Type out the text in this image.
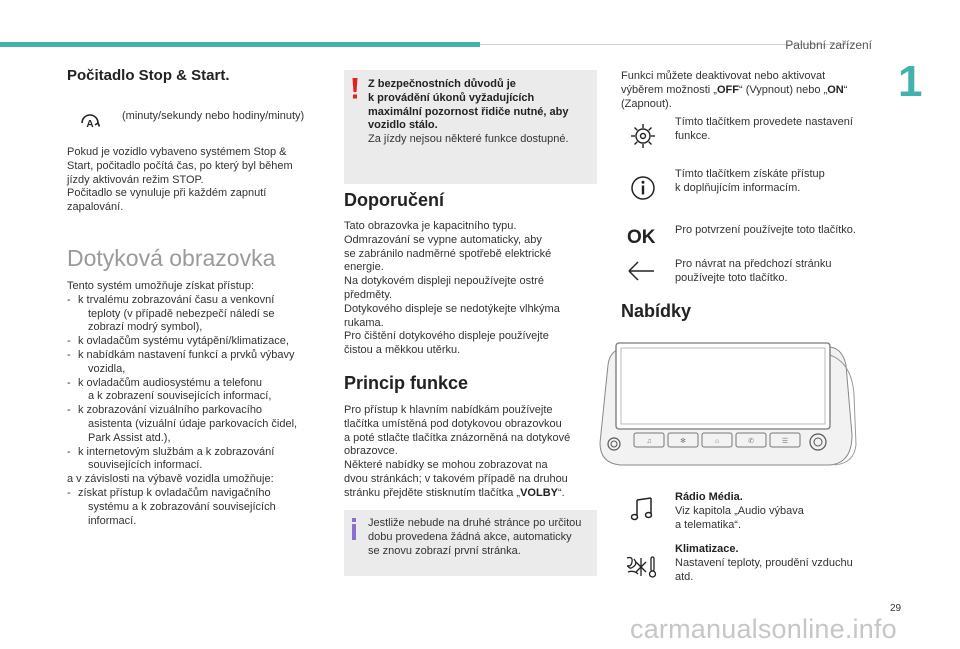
Palubní zařízení
1
29
carmanualsonline.info
Počitadlo Stop & Start.
A
(minuty/sekundy nebo hodiny/minuty)
Pokud je vozidlo vybaveno systémem Stop &
Start, počitadlo počítá čas, po který byl během
jízdy aktivován režim STOP.
Počitadlo se vynuluje při každém zapnutí
zapalování.
Dotyková obrazovka
Tento systém umožňuje získat přístup:
- k trvalému zobrazování času a venkovní
teploty (v případě nebezpečí náledí se
zobrazí modrý symbol),
- k ovladačům systému vytápění/klimatizace,
- k nabídkám nastavení funkcí a prvků výbavy
vozidla,
- k ovladačům audiosystému a telefonu
a k zobrazení souvisejících informací,
- k zobrazování vizuálního parkovacího
asistenta (vizuální údaje parkovacích čidel,
Park Assist atd.),
- k internetovým službám a k zobrazování
souvisejících informací.
a v závislosti na výbavě vozidla umožňuje:
- získat přístup k ovladačům navigačního
systému a k zobrazování souvisejících
informací.
Z bezpečnostních důvodů je
k provádění úkonů vyžadujících
maximální pozornost řidiče nutné, aby
vozidlo stálo.
Za jízdy nejsou některé funkce dostupné.
Doporučení
Tato obrazovka je kapacitního typu.
Odmrazování se vypne automaticky, aby
se zabránilo nadměrné spotřebě elektrické
energie.
Na dotykovém displeji nepoužívejte ostré
předměty.
Dotykového displeje se nedotýkejte vlhkýma
rukama.
Pro čištění dotykového displeje používejte
čistou a měkkou utěrku.
Princip funkce
Pro přístup k hlavním nabídkám používejte
tlačítka umístěná pod dotykovou obrazovkou
a poté stlačte tlačítka znázorněná na dotykové
obrazovce.
Některé nabídky se mohou zobrazovat na
dvou stránkách; v takovém případě na druhou
stránku přejděte stisknutím tlačítka „VOLBY“.
Jestliže nebude na druhé stránce po určitou
dobu provedena žádná akce, automaticky
se znovu zobrazí první stránka.
Funkci můžete deaktivovat nebo aktivovat
výběrem možnosti „OFF“ (Vypnout) nebo „ON“
(Zapnout).
Tímto tlačítkem provedete nastavení
funkce.
Tímto tlačítkem získáte přístup
k doplňujícím informacím.
OK Pro potvrzení používejte toto tlačítko.
Pro návrat na předchozí stránku
používejte toto tlačítko.
Nabídky
♫	✻	⌂	✆	☰
Rádio Média.
Viz kapitola „Audio výbava
a telematika“.
Klimatizace.
Nastavení teploty, proudění vzduchu
atd.
